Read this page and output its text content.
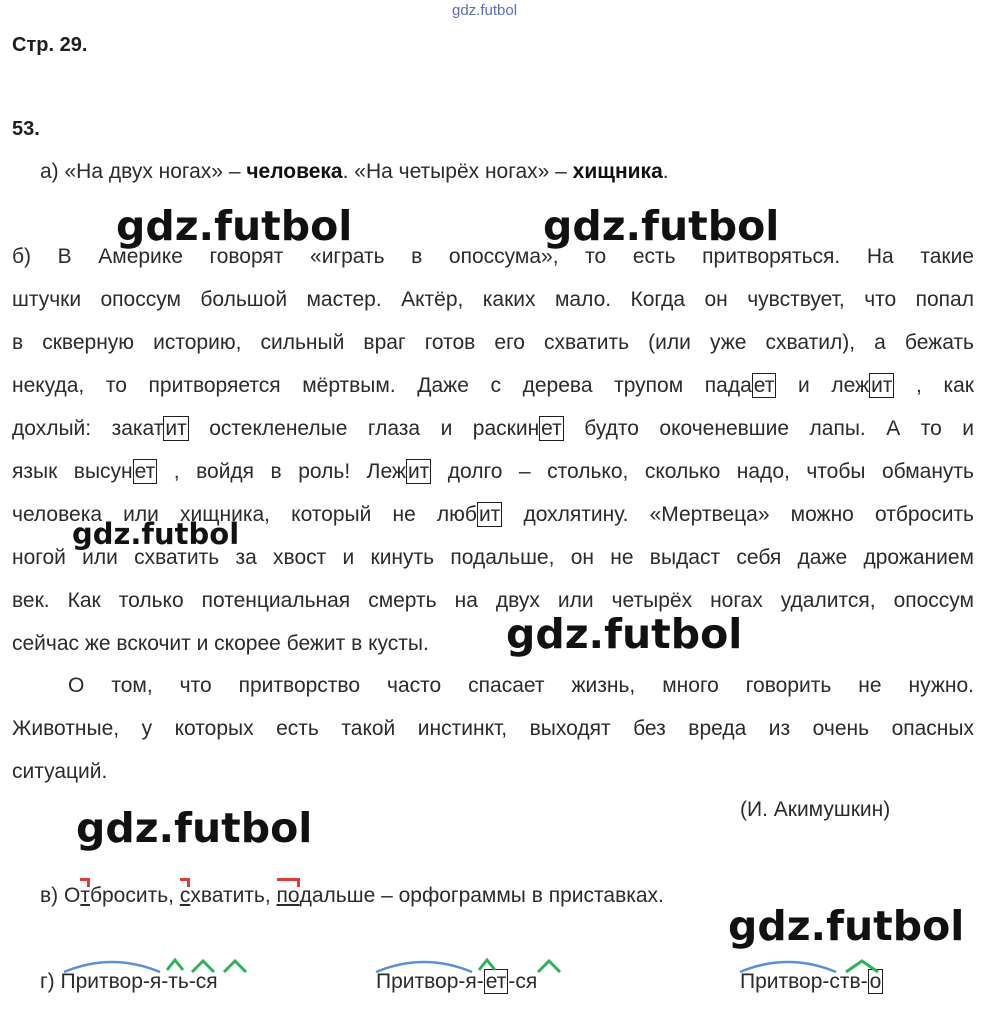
gdz.futbol
Стр. 29.
53.
а) «На двух ногах» – человека. «На четырёх ногах» – хищника.
б) В Америке говорят «играть в опоссума», то есть притворяться. На такие
штучки опоссум большой мастер. Актёр, каких мало. Когда он чувствует, что попал
в скверную историю, сильный враг готов его схватить (или уже схватил), а бежать
некуда, то притворяется мёртвым. Даже с дерева трупом падает и лежит , как
дохлый: закатит остекленелые глаза и раскинет будто окоченевшие лапы. А то и
язык высунет , войдя в роль! Лежит долго – столько, сколько надо, чтобы обмануть
человека или хищника, который не любит дохлятину. «Мертвеца» можно отбросить
ногой или схватить за хвост и кинуть подальше, он не выдаст себя даже дрожанием
век. Как только потенциальная смерть на двух или четырёх ногах удалится, опоссум
сейчас же вскочит и скорее бежит в кусты.
О том, что притворство часто спасает жизнь, много говорить не нужно.
Животные, у которых есть такой инстинкт, выходят без вреда из очень опасных
ситуаций.
(И. Акимушкин)
gdz.futbol	gdz.futbol
gdz.futbol
gdz.futbol
gdz.futbol
gdz.futbol
в) Отбросить, схватить, подальше – орфограммы в приставках.
г) Притвор-я-ть-ся	Притвор-я-ет-ся	Притвор-ств-о
